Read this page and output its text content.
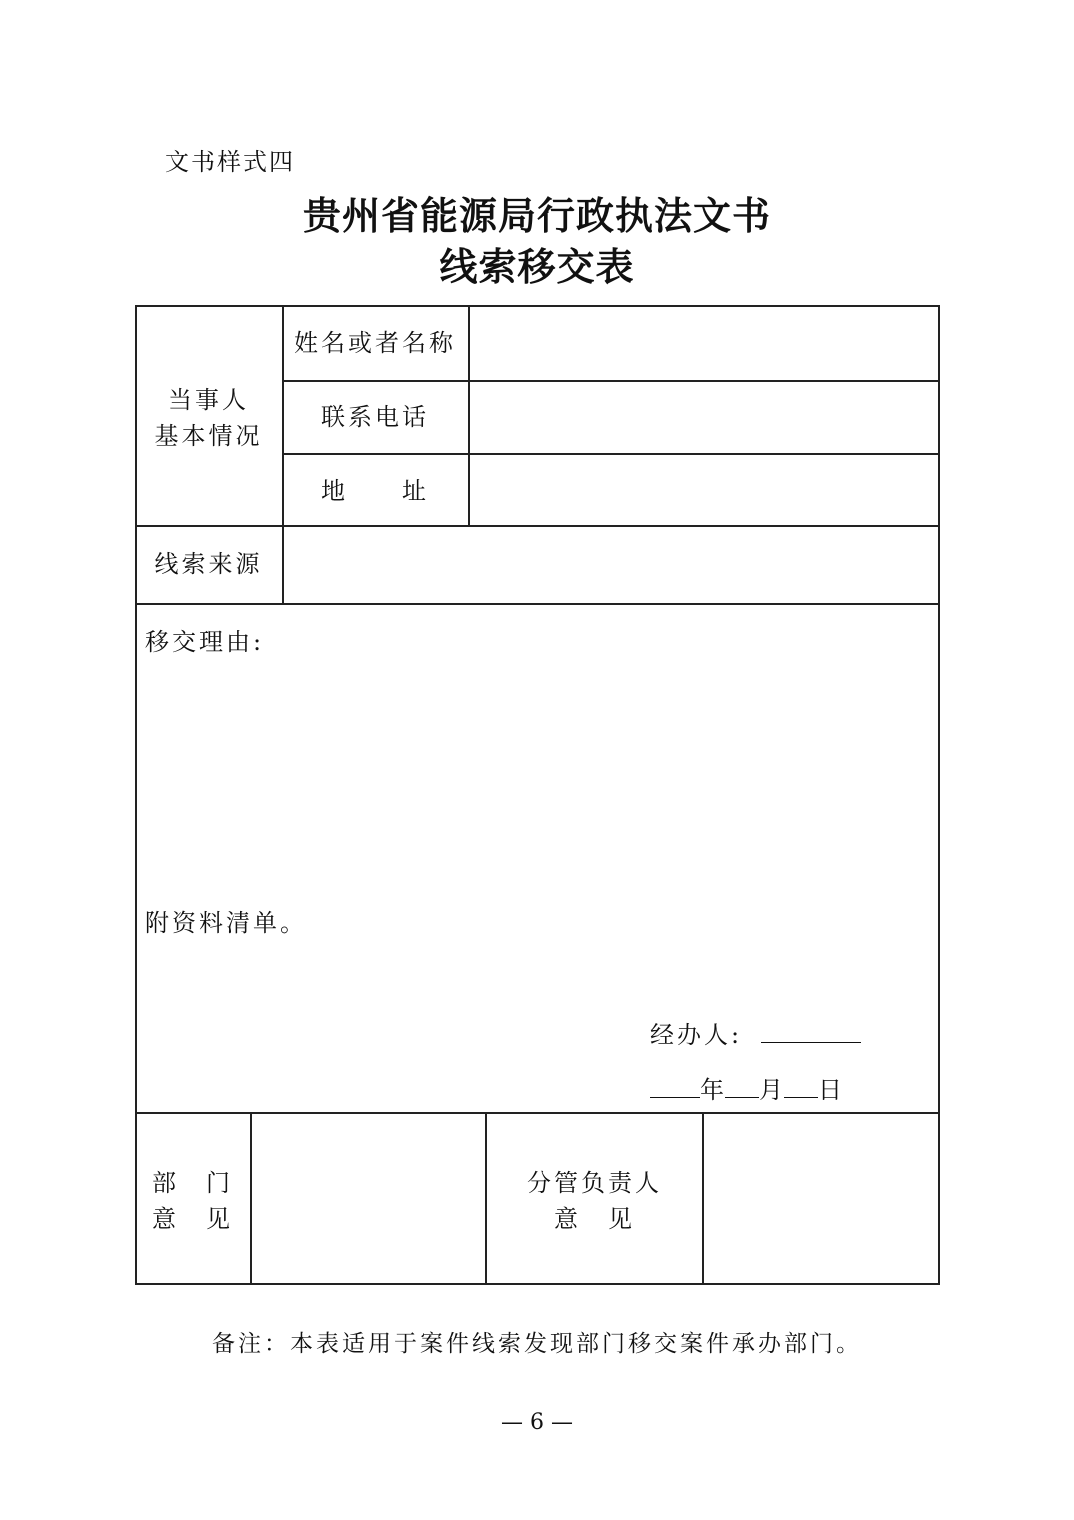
文书样式四
贵州省能源局行政执法文书
线索移交表
当事人
基本情况
姓名或者名称
联系电话
地　　址
线索来源
移交理由:
附资料清单。
经办人:
年 月 日
部　门
意　见
分管负责人
意　见
备注：本表适用于案件线索发现部门移交案件承办部门。
— 6 —
